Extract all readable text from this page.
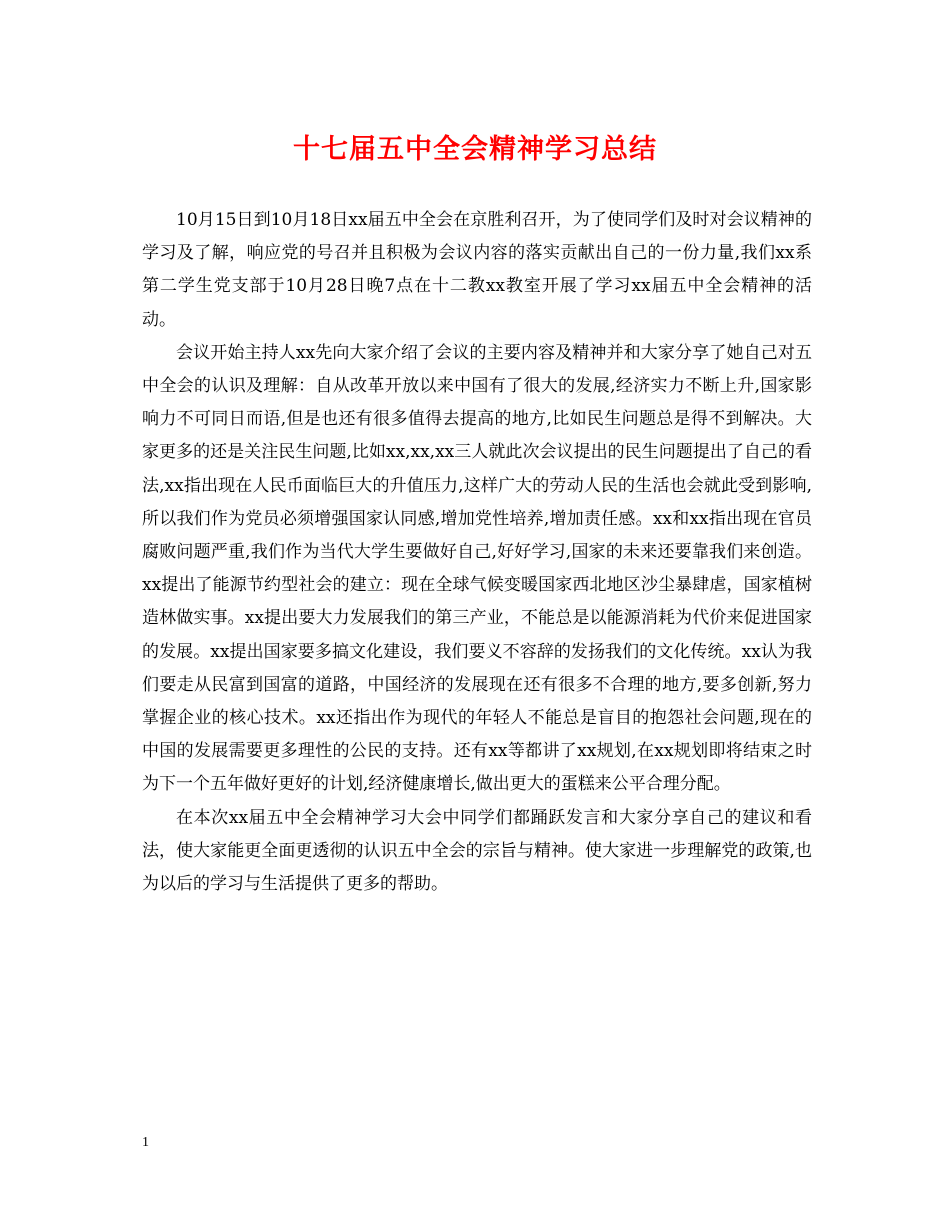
十七届五中全会精神学习总结

10月15日到10月18日xx届五中全会在京胜利召开，为了使同学们及时对会议精神的学习及了解，响应党的号召并且积极为会议内容的落实贡献出自己的一份力量,我们xx系第二学生党支部于10月28日晚7点在十二教xx教室开展了学习xx届五中全会精神的活动。

会议开始主持人xx先向大家介绍了会议的主要内容及精神并和大家分享了她自己对五中全会的认识及理解：自从改革开放以来中国有了很大的发展,经济实力不断上升,国家影响力不可同日而语,但是也还有很多值得去提高的地方,比如民生问题总是得不到解决。大家更多的还是关注民生问题,比如xx,xx,xx三人就此次会议提出的民生问题提出了自己的看法,xx指出现在人民币面临巨大的升值压力,这样广大的劳动人民的生活也会就此受到影响,所以我们作为党员必须增强国家认同感,增加党性培养,增加责任感。xx和xx指出现在官员腐败问题严重,我们作为当代大学生要做好自己,好好学习,国家的未来还要靠我们来创造。xx提出了能源节约型社会的建立：现在全球气候变暖国家西北地区沙尘暴肆虐，国家植树造林做实事。xx提出要大力发展我们的第三产业，不能总是以能源消耗为代价来促进国家的发展。xx提出国家要多搞文化建设，我们要义不容辞的发扬我们的文化传统。xx认为我们要走从民富到国富的道路，中国经济的发展现在还有很多不合理的地方,要多创新,努力掌握企业的核心技术。xx还指出作为现代的年轻人不能总是盲目的抱怨社会问题,现在的中国的发展需要更多理性的公民的支持。还有xx等都讲了xx规划,在xx规划即将结束之时为下一个五年做好更好的计划,经济健康增长,做出更大的蛋糕来公平合理分配。

在本次xx届五中全会精神学习大会中同学们都踊跃发言和大家分享自己的建议和看法，使大家能更全面更透彻的认识五中全会的宗旨与精神。使大家进一步理解党的政策,也为以后的学习与生活提供了更多的帮助。

1
